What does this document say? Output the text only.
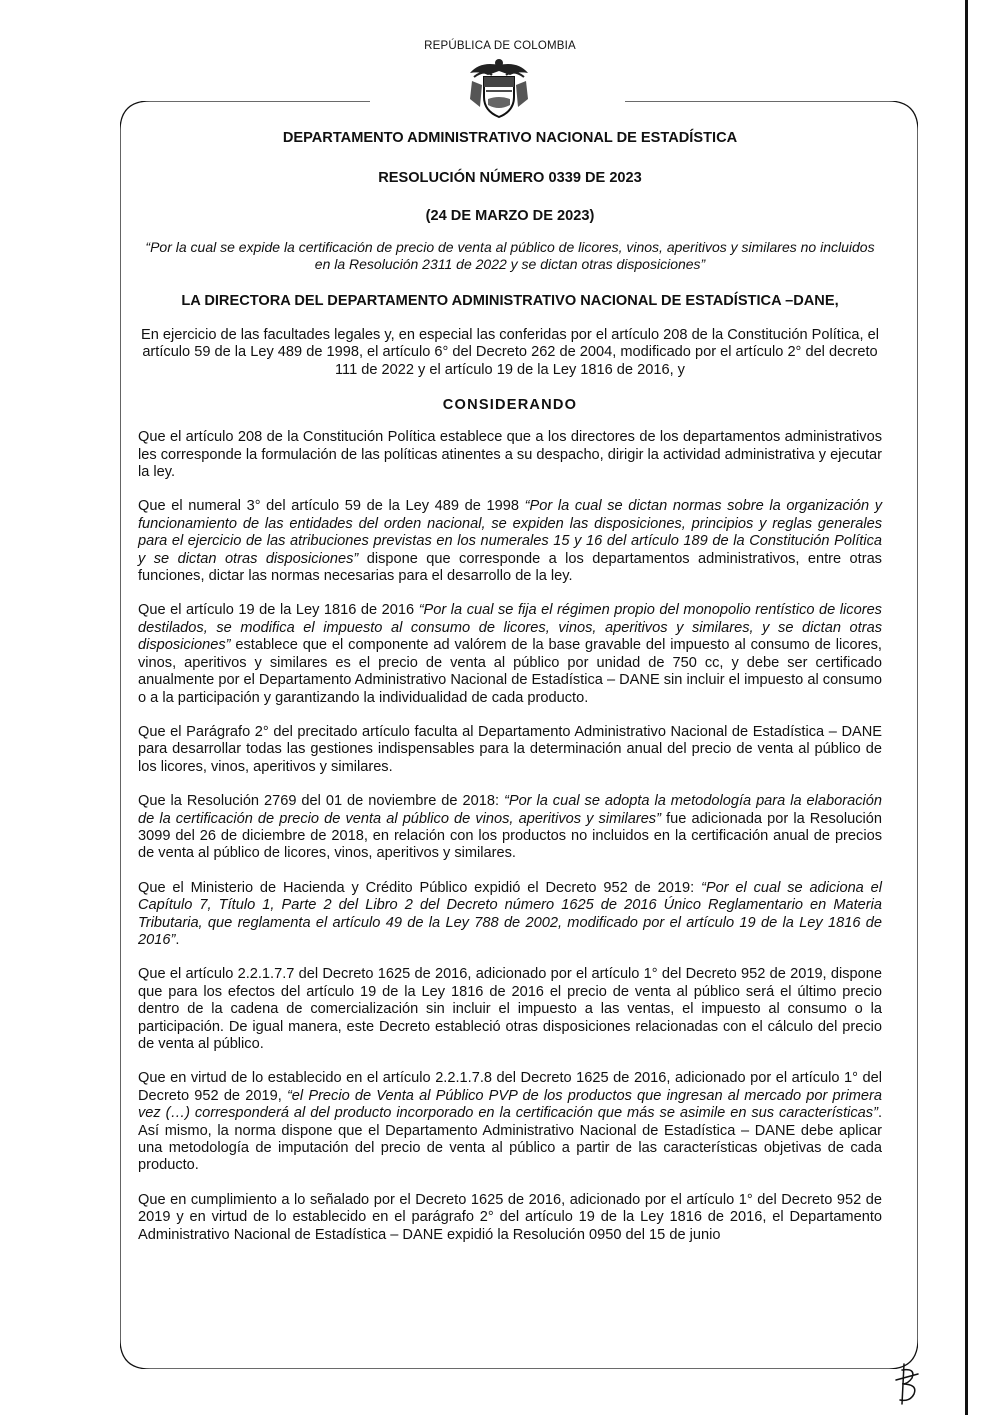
REPÚBLICA DE COLOMBIA

DEPARTAMENTO ADMINISTRATIVO NACIONAL DE ESTADÍSTICA

RESOLUCIÓN NÚMERO 0339 DE 2023

(24 DE MARZO DE 2023)

“Por la cual se expide la certificación de precio de venta al público de licores, vinos, aperitivos y similares no incluidos en la Resolución 2311 de 2022 y se dictan otras disposiciones”

LA DIRECTORA DEL DEPARTAMENTO ADMINISTRATIVO NACIONAL DE ESTADÍSTICA –DANE,

En ejercicio de las facultades legales y, en especial las conferidas por el artículo 208 de la Constitución Política, el artículo 59 de la Ley 489 de 1998, el artículo 6° del Decreto 262 de 2004, modificado por el artículo 2° del decreto 111 de 2022 y el artículo 19 de la Ley 1816 de 2016, y

CONSIDERANDO

Que el artículo 208 de la Constitución Política establece que a los directores de los departamentos administrativos les corresponde la formulación de las políticas atinentes a su despacho, dirigir la actividad administrativa y ejecutar la ley.

Que el numeral 3° del artículo 59 de la Ley 489 de 1998 “Por la cual se dictan normas sobre la organización y funcionamiento de las entidades del orden nacional, se expiden las disposiciones, principios y reglas generales para el ejercicio de las atribuciones previstas en los numerales 15 y 16 del artículo 189 de la Constitución Política y se dictan otras disposiciones” dispone que corresponde a los departamentos administrativos, entre otras funciones, dictar las normas necesarias para el desarrollo de la ley.

Que el artículo 19 de la Ley 1816 de 2016 “Por la cual se fija el régimen propio del monopolio rentístico de licores destilados, se modifica el impuesto al consumo de licores, vinos, aperitivos y similares, y se dictan otras disposiciones” establece que el componente ad valórem de la base gravable del impuesto al consumo de licores, vinos, aperitivos y similares es el precio de venta al público por unidad de 750 cc, y debe ser certificado anualmente por el Departamento Administrativo Nacional de Estadística – DANE sin incluir el impuesto al consumo o a la participación y garantizando la individualidad de cada producto.

Que el Parágrafo 2° del precitado artículo faculta al Departamento Administrativo Nacional de Estadística – DANE para desarrollar todas las gestiones indispensables para la determinación anual del precio de venta al público de los licores, vinos, aperitivos y similares.

Que la Resolución 2769 del 01 de noviembre de 2018: “Por la cual se adopta la metodología para la elaboración de la certificación de precio de venta al público de vinos, aperitivos y similares” fue adicionada por la Resolución 3099 del 26 de diciembre de 2018, en relación con los productos no incluidos en la certificación anual de precios de venta al público de licores, vinos, aperitivos y similares.

Que el Ministerio de Hacienda y Crédito Público expidió el Decreto 952 de 2019: “Por el cual se adiciona el Capítulo 7, Título 1, Parte 2 del Libro 2 del Decreto número 1625 de 2016 Único Reglamentario en Materia Tributaria, que reglamenta el artículo 49 de la Ley 788 de 2002, modificado por el artículo 19 de la Ley 1816 de 2016”.

Que el artículo 2.2.1.7.7 del Decreto 1625 de 2016, adicionado por el artículo 1° del Decreto 952 de 2019, dispone que para los efectos del artículo 19 de la Ley 1816 de 2016 el precio de venta al público será el último precio dentro de la cadena de comercialización sin incluir el impuesto a las ventas, el impuesto al consumo o la participación. De igual manera, este Decreto estableció otras disposiciones relacionadas con el cálculo del precio de venta al público.

Que en virtud de lo establecido en el artículo 2.2.1.7.8 del Decreto 1625 de 2016, adicionado por el artículo 1° del Decreto 952 de 2019, “el Precio de Venta al Público PVP de los productos que ingresan al mercado por primera vez (…) corresponderá al del producto incorporado en la certificación que más se asimile en sus características”. Así mismo, la norma dispone que el Departamento Administrativo Nacional de Estadística – DANE debe aplicar una metodología de imputación del precio de venta al público a partir de las características objetivas de cada producto.

Que en cumplimiento a lo señalado por el Decreto 1625 de 2016, adicionado por el artículo 1° del Decreto 952 de 2019 y en virtud de lo establecido en el parágrafo 2° del artículo 19 de la Ley 1816 de 2016, el Departamento Administrativo Nacional de Estadística – DANE expidió la Resolución 0950 del 15 de junio
